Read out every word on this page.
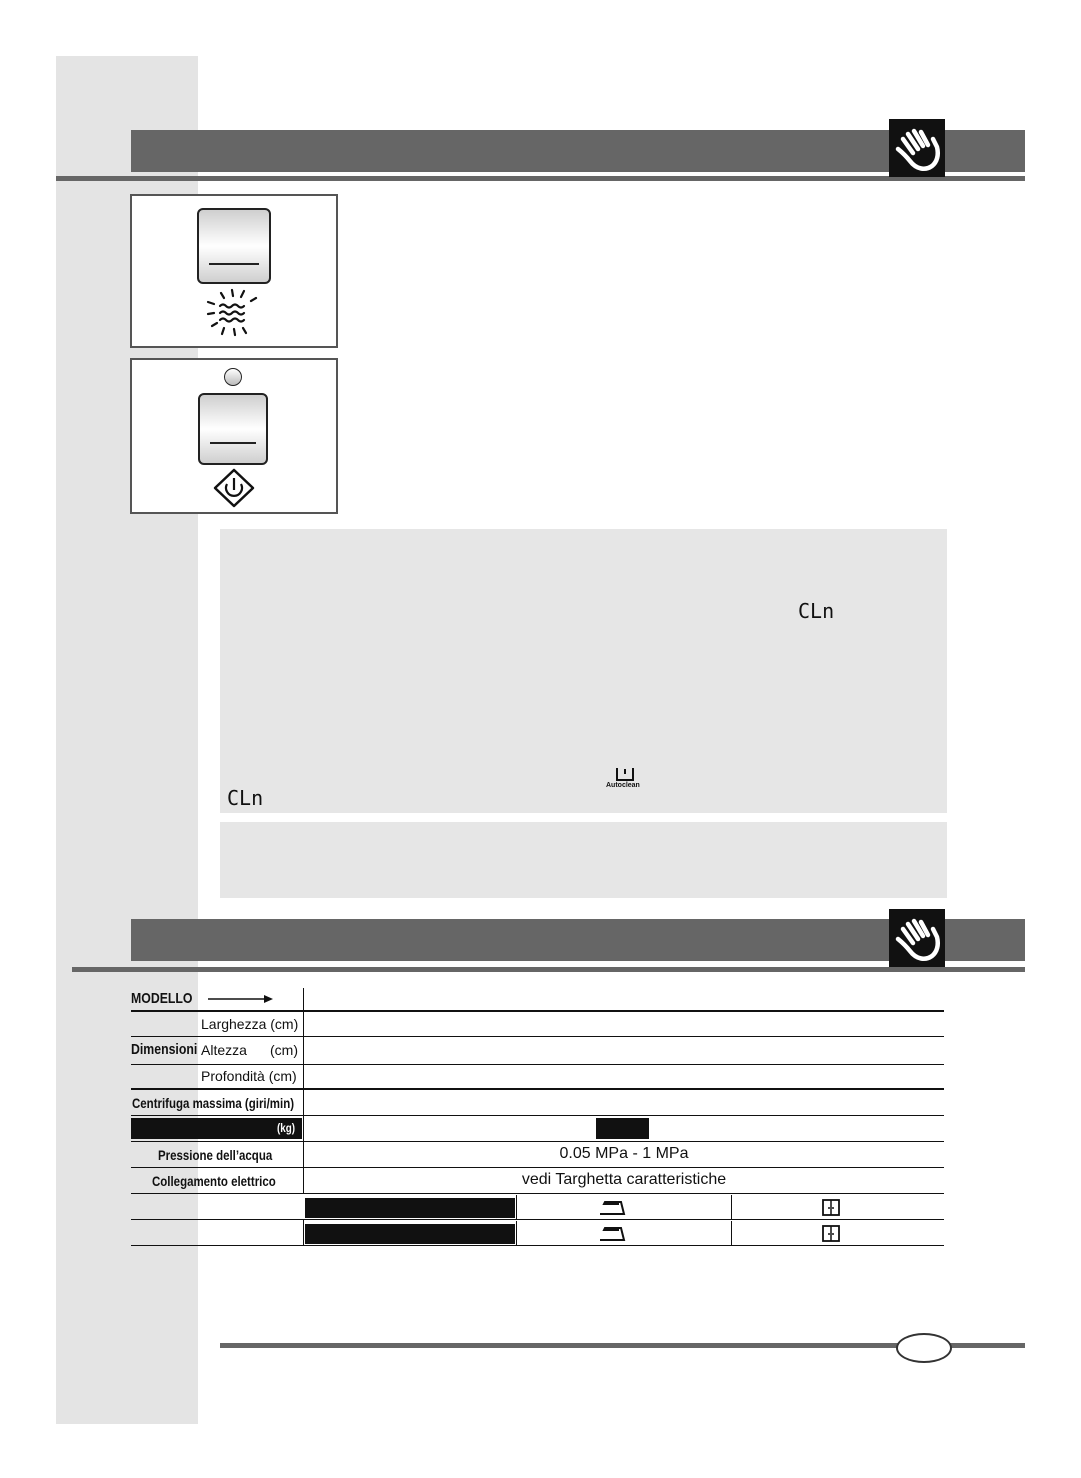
CLn
Autoclean
CLn
MODELLO
Larghezza (cm)
Dimensioni Altezza (cm)
Profondità (cm)
Centrifuga massima (giri/min)
(kg)
Pressione dell’acqua	0.05 MPa - 1 MPa
Collegamento elettrico	vedi Targhetta caratteristiche
